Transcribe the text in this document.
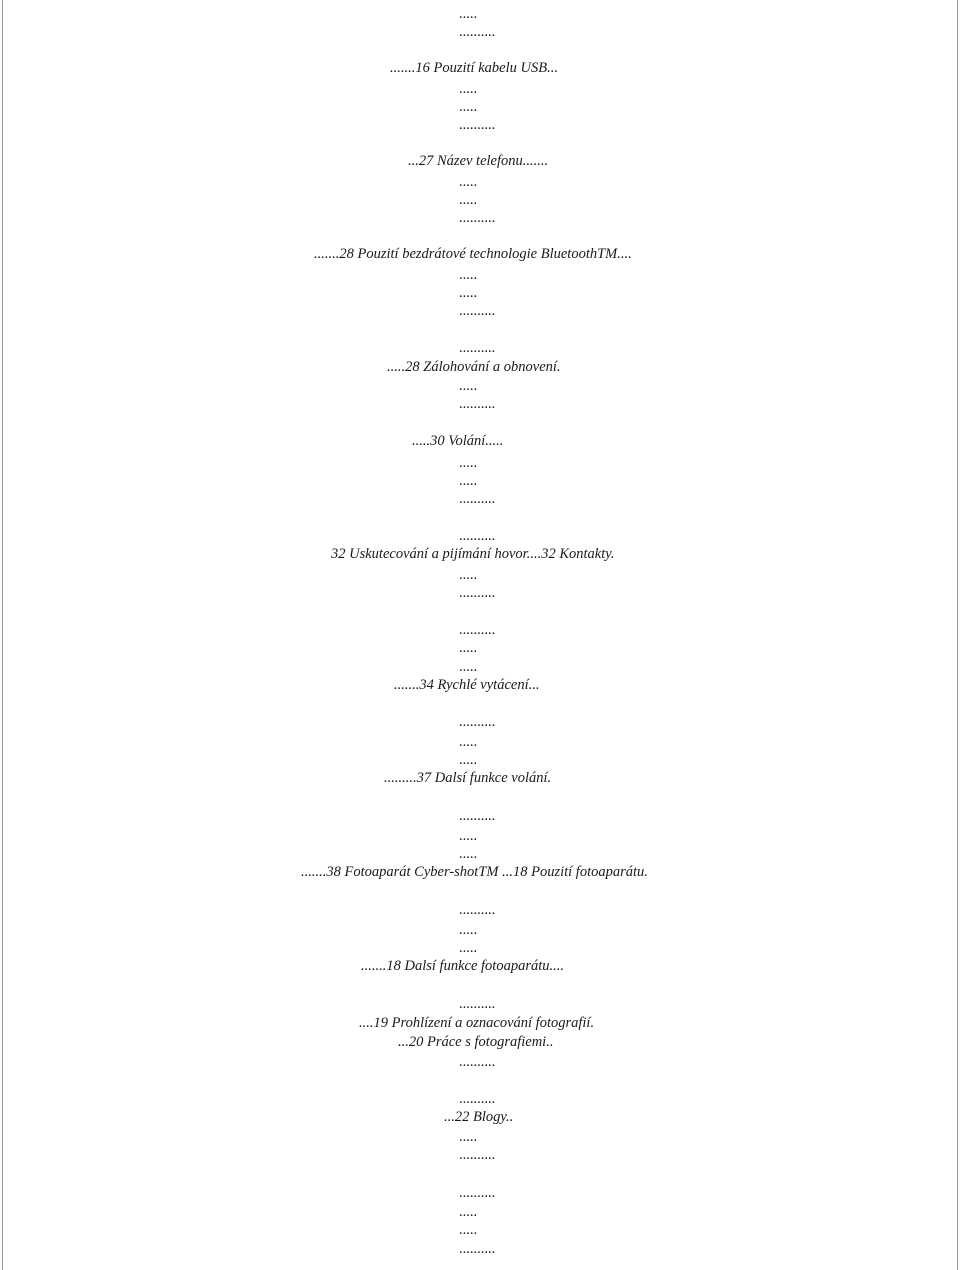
.....
..........
.......16 Pouzití kabelu USB...
.....
.....
..........
...27 Název telefonu.......
.....
.....
..........
.......28 Pouzití bezdrátové technologie BluetoothTM....
.....
.....
..........
..........
.....28 Zálohování a obnovení.
.....
..........
.....30 Volání.....
.....
.....
..........
..........
32 Uskutecování a pijímání hovor....32 Kontakty.
.....
..........
..........
.....
.....
.......34 Rychlé vytácení...
..........
.....
.....
.........37 Dalsí funkce volání.
..........
.....
.....
.......38 Fotoaparát Cyber-shotTM ...18 Pouzití fotoaparátu.
..........
.....
.....
.......18 Dalsí funkce fotoaparátu....
..........
....19 Prohlízení a oznacování fotografií.
...20 Práce s fotografiemi..
..........
..........
...22 Blogy..
.....
..........
..........
.....
.....
..........
